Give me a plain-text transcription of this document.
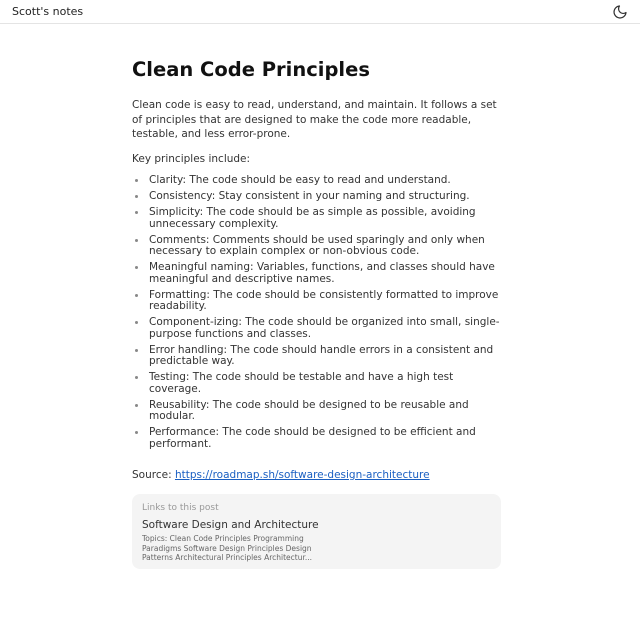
Scott's notes
Clean Code Principles

Clean code is easy to read, understand, and maintain. It follows a set of principles that are designed to make the code more readable, testable, and less error-prone.

Key principles include:

Clarity: The code should be easy to read and understand.
Consistency: Stay consistent in your naming and structuring.
Simplicity: The code should be as simple as possible, avoiding unnecessary complexity.
Comments: Comments should be used sparingly and only when necessary to explain complex or non-obvious code.
Meaningful naming: Variables, functions, and classes should have meaningful and descriptive names.
Formatting: The code should be consistently formatted to improve readability.
Component-izing: The code should be organized into small, single-purpose functions and classes.
Error handling: The code should handle errors in a consistent and predictable way.
Testing: The code should be testable and have a high test coverage.
Reusability: The code should be designed to be reusable and modular.
Performance: The code should be designed to be efficient and performant.

Source: https://roadmap.sh/software-design-architecture

Links to this post
Software Design and Architecture
Topics: Clean Code Principles Programming Paradigms Software Design Principles Design Patterns Architectural Principles Architectur...
